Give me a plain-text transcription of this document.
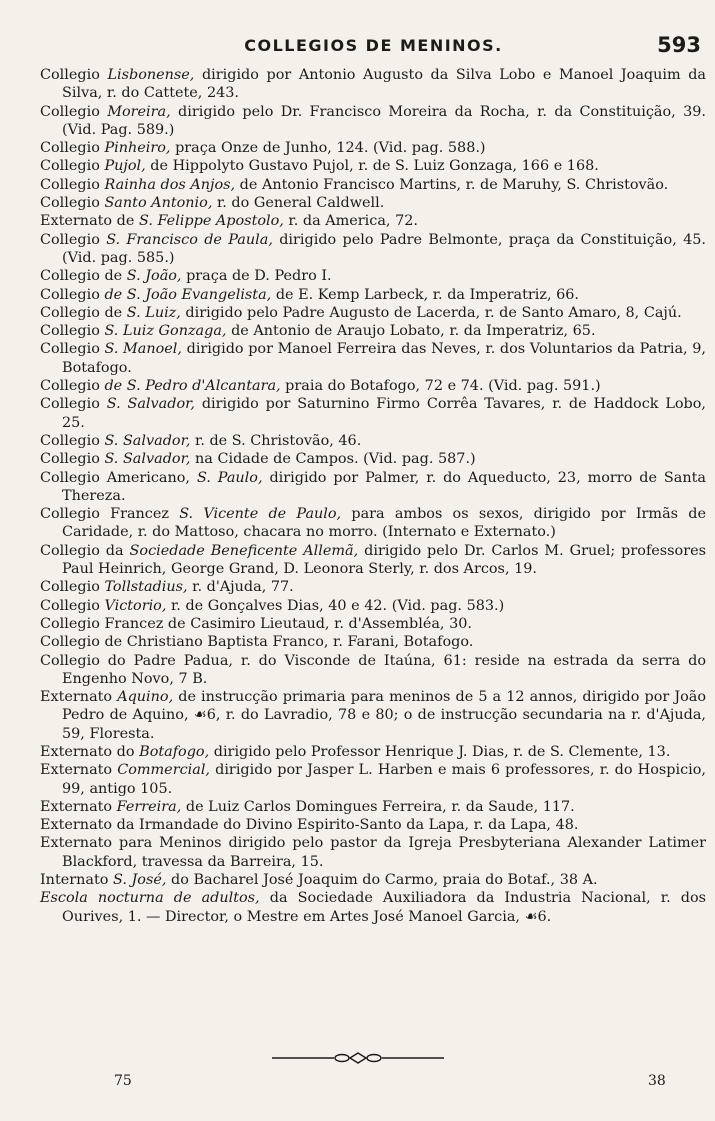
COLLEGIOS DE MENINOS.	593

Collegio Lisbonense, dirigido por Antonio Augusto da Silva Lobo e Manoel Joaquim da Silva, r. do Cattete, 243.

Collegio Moreira, dirigido pelo Dr. Francisco Moreira da Rocha, r. da Constituição, 39. (Vid. Pag. 589.)

Collegio Pinheiro, praça Onze de Junho, 124. (Vid. pag. 588.)

Collegio Pujol, de Hippolyto Gustavo Pujol, r. de S. Luiz Gonzaga, 166 e 168.

Collegio Rainha dos Anjos, de Antonio Francisco Martins, r. de Maruhy, S. Christovão.

Collegio Santo Antonio, r. do General Caldwell.

Externato de S. Felippe Apostolo, r. da America, 72.

Collegio S. Francisco de Paula, dirigido pelo Padre Belmonte, praça da Constituição, 45. (Vid. pag. 585.)

Collegio de S. João, praça de D. Pedro I.

Collegio de S. João Evangelista, de E. Kemp Larbeck, r. da Imperatriz, 66.

Collegio de S. Luiz, dirigido pelo Padre Augusto de Lacerda, r. de Santo Amaro, 8, Cajú.

Collegio S. Luiz Gonzaga, de Antonio de Araujo Lobato, r. da Imperatriz, 65.

Collegio S. Manoel, dirigido por Manoel Ferreira das Neves, r. dos Voluntarios da Patria, 9, Botafogo.

Collegio de S. Pedro d'Alcantara, praia do Botafogo, 72 e 74. (Vid. pag. 591.)

Collegio S. Salvador, dirigido por Saturnino Firmo Corrêa Tavares, r. de Haddock Lobo, 25.

Collegio S. Salvador, r. de S. Christovão, 46.

Collegio S. Salvador, na Cidade de Campos. (Vid. pag. 587.)

Collegio Americano, S. Paulo, dirigido por Palmer, r. do Aqueducto, 23, morro de Santa Thereza.

Collegio Francez S. Vicente de Paulo, para ambos os sexos, dirigido por Irmãs de Caridade, r. do Mattoso, chacara no morro. (Internato e Externato.)

Collegio da Sociedade Beneficente Allemã, dirigido pelo Dr. Carlos M. Gruel; professores Paul Heinrich, George Grand, D. Leonora Sterly, r. dos Arcos, 19.

Collegio Tollstadius, r. d'Ajuda, 77.

Collegio Victorio, r. de Gonçalves Dias, 40 e 42. (Vid. pag. 583.)

Collegio Francez de Casimiro Lieutaud, r. d'Assembléa, 30.

Collegio de Christiano Baptista Franco, r. Farani, Botafogo.

Collegio do Padre Padua, r. do Visconde de Itaúna, 61: reside na estrada da serra do Engenho Novo, 7 B.

Externato Aquino, de instrucção primaria para meninos de 5 a 12 annos, dirigido por João Pedro de Aquino, ☙6, r. do Lavradio, 78 e 80; o de instrucção secundaria na r. d'Ajuda, 59, Floresta.

Externato do Botafogo, dirigido pelo Professor Henrique J. Dias, r. de S. Clemente, 13.

Externato Commercial, dirigido por Jasper L. Harben e mais 6 professores, r. do Hospicio, 99, antigo 105.

Externato Ferreira, de Luiz Carlos Domingues Ferreira, r. da Saude, 117.

Externato da Irmandade do Divino Espirito-Santo da Lapa, r. da Lapa, 48.

Externato para Meninos dirigido pelo pastor da Igreja Presbyteriana Alexander Latimer Blackford, travessa da Barreira, 15.

Internato S. José, do Bacharel José Joaquim do Carmo, praia do Botaf., 38 A.

Escola nocturna de adultos, da Sociedade Auxiliadora da Industria Nacional, r. dos Ourives, 1. — Director, o Mestre em Artes José Manoel Garcia, ☙6.

75	38
